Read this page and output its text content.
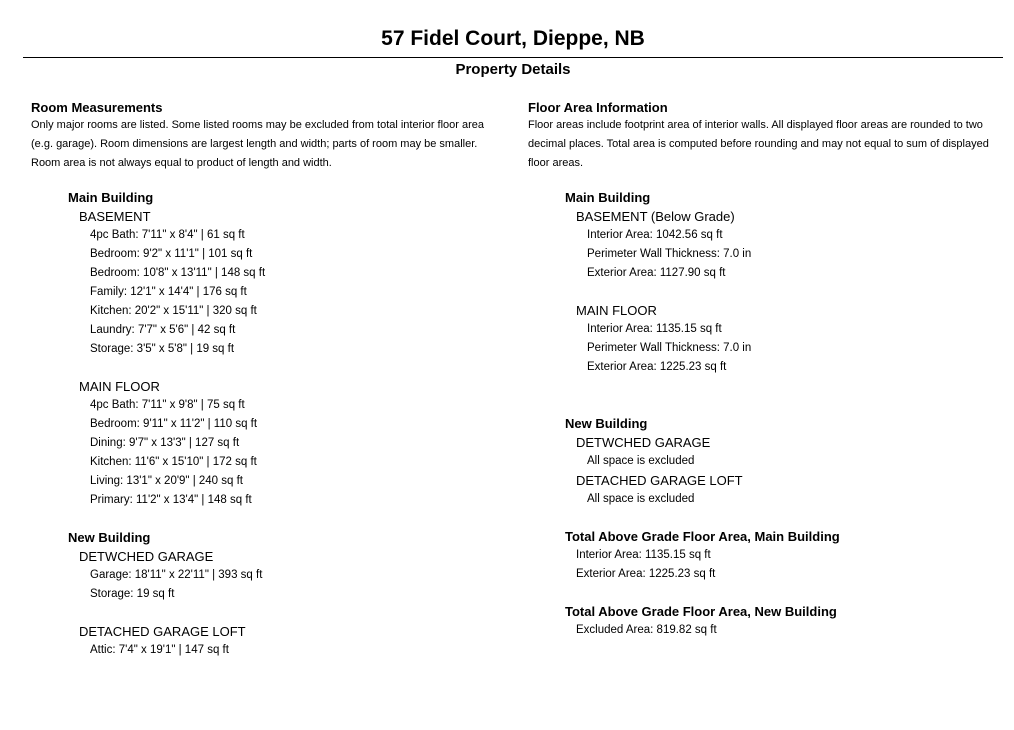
57 Fidel Court, Dieppe, NB
Property Details
Room Measurements
Only major rooms are listed. Some listed rooms may be excluded from total interior floor area (e.g. garage). Room dimensions are largest length and width; parts of room may be smaller. Room area is not always equal to product of length and width.
Main Building
BASEMENT
4pc Bath: 7'11" x 8'4" | 61 sq ft
Bedroom: 9'2" x 11'1" | 101 sq ft
Bedroom: 10'8" x 13'11" | 148 sq ft
Family: 12'1" x 14'4" | 176 sq ft
Kitchen: 20'2" x 15'11" | 320 sq ft
Laundry: 7'7" x 5'6" | 42 sq ft
Storage: 3'5" x 5'8" | 19 sq ft
MAIN FLOOR
4pc Bath: 7'11" x 9'8" | 75 sq ft
Bedroom: 9'11" x 11'2" | 110 sq ft
Dining: 9'7" x 13'3" | 127 sq ft
Kitchen: 11'6" x 15'10" | 172 sq ft
Living: 13'1" x 20'9" | 240 sq ft
Primary: 11'2" x 13'4" | 148 sq ft
New Building
DETWCHED GARAGE
Garage: 18'11" x 22'11" | 393 sq ft
Storage: 19 sq ft
DETACHED GARAGE LOFT
Attic: 7'4" x 19'1" | 147 sq ft
Floor Area Information
Floor areas include footprint area of interior walls. All displayed floor areas are rounded to two decimal places. Total area is computed before rounding and may not equal to sum of displayed floor areas.
Main Building
BASEMENT (Below Grade)
Interior Area: 1042.56 sq ft
Perimeter Wall Thickness: 7.0 in
Exterior Area: 1127.90 sq ft
MAIN FLOOR
Interior Area: 1135.15 sq ft
Perimeter Wall Thickness: 7.0 in
Exterior Area: 1225.23 sq ft
New Building
DETWCHED GARAGE
All space is excluded
DETACHED GARAGE LOFT
All space is excluded
Total Above Grade Floor Area, Main Building
Interior Area: 1135.15 sq ft
Exterior Area: 1225.23 sq ft
Total Above Grade Floor Area, New Building
Excluded Area: 819.82 sq ft
